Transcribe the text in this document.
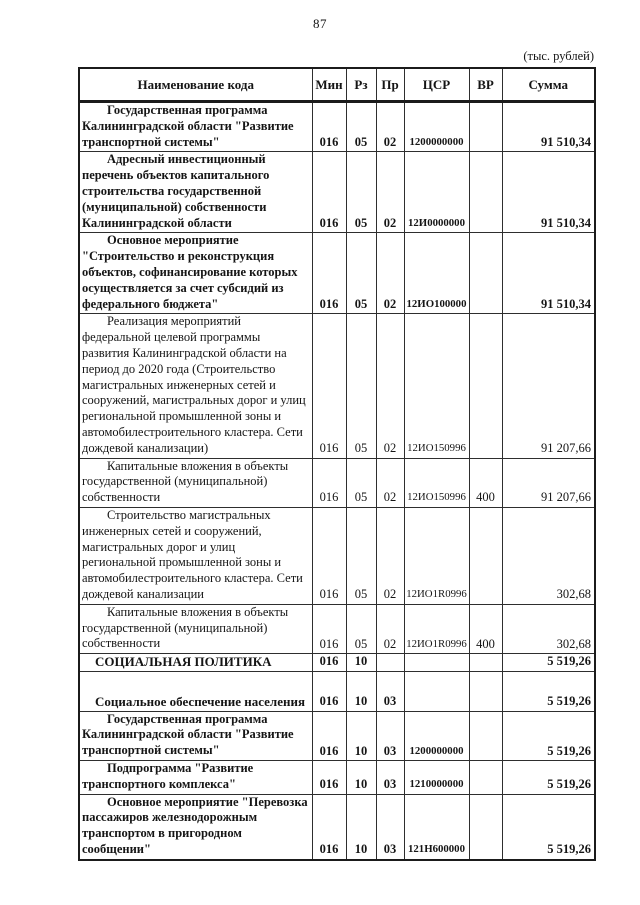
87
(тыс. рублей)
Наименование кода	Мин	Рз	Пр	ЦСР	ВР	Сумма

Государственная программа Калининградской области "Развитие транспортной системы"	016	05	02	1200000000		91 510,34

Адресный инвестиционный перечень объектов капитального строительства государственной (муниципальной) собственности Калининградской области	016	05	02	12И0000000		91 510,34

Основное мероприятие "Строительство и реконструкция объектов, софинансирование которых осуществляется за счет субсидий из федерального бюджета"	016	05	02	12ИО100000		91 510,34

Реализация мероприятий федеральной целевой программы развития Калининградской области на период до 2020 года (Строительство магистральных инженерных сетей и сооружений, магистральных дорог и улиц региональной промышленной зоны и автомобилестроительного кластера. Сети дождевой канализации)	016	05	02	12ИО150996		91 207,66

Капитальные вложения в объекты государственной (муниципальной) собственности	016	05	02	12ИО150996	400	91 207,66

Строительство магистральных инженерных сетей и сооружений, магистральных дорог и улиц региональной промышленной зоны и автомобилестроительного кластера. Сети дождевой канализации	016	05	02	12ИО1R0996		302,68

Капитальные вложения в объекты государственной (муниципальной) собственности	016	05	02	12ИО1R0996	400	302,68

СОЦИАЛЬНАЯ ПОЛИТИКА	016	10				5 519,26

Социальное обеспечение населения	016	10	03			5 519,26

Государственная программа Калининградской области "Развитие транспортной системы"	016	10	03	1200000000		5 519,26

Подпрограмма "Развитие транспортного комплекса"	016	10	03	1210000000		5 519,26

Основное мероприятие "Перевозка пассажиров железнодорожным транспортом в пригородном сообщении"	016	10	03	121Н600000		5 519,26
